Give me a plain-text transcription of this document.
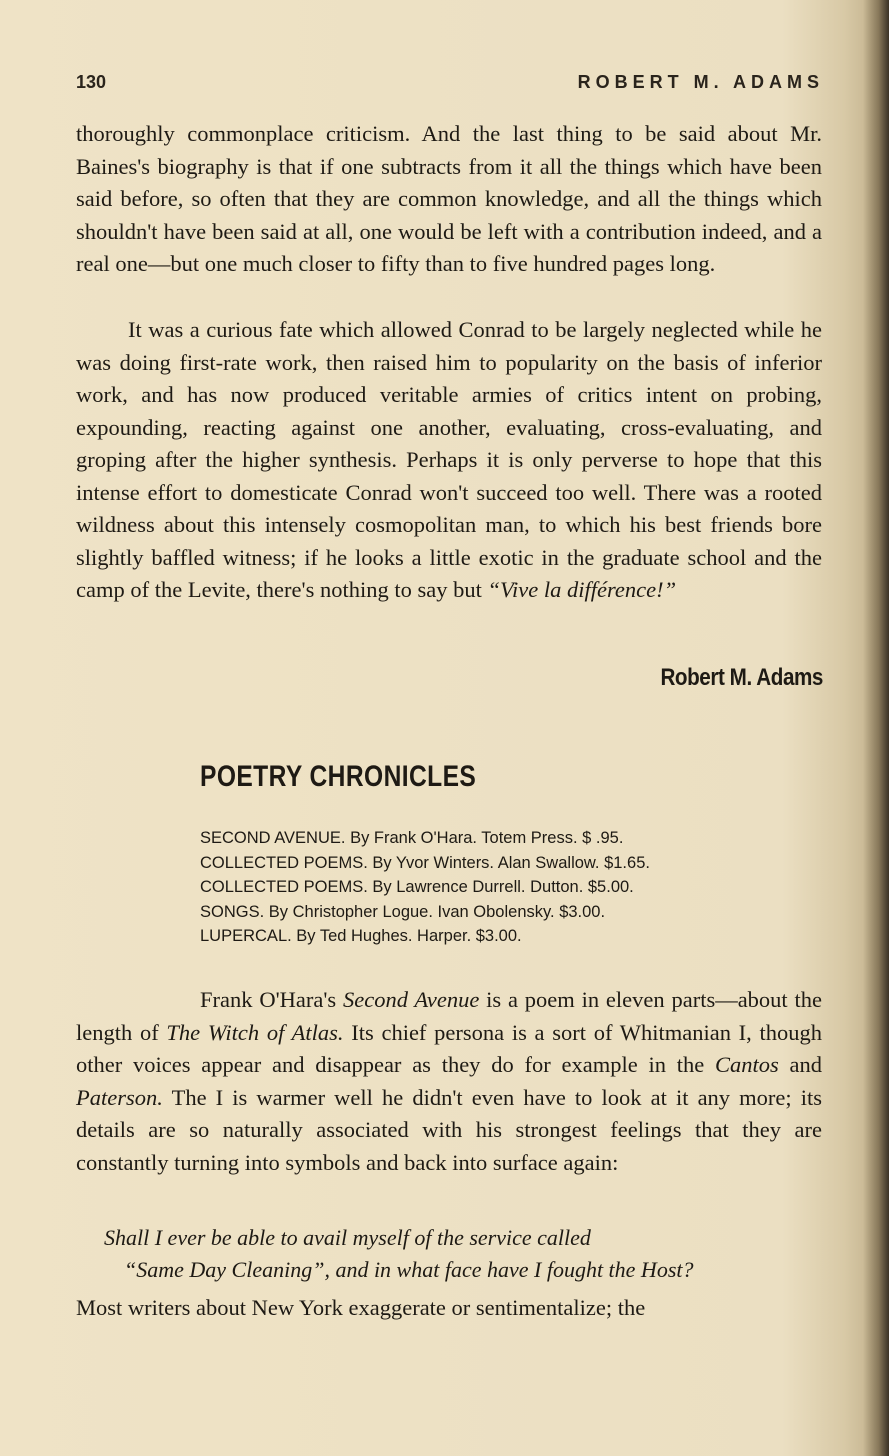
130	ROBERT M. ADAMS

thoroughly commonplace criticism. And the last thing to be said about Mr. Baines's biography is that if one subtracts from it all the things which have been said before, so often that they are common knowledge, and all the things which shouldn't have been said at all, one would be left with a contribution indeed, and a real one—but one much closer to fifty than to five hundred pages long.

It was a curious fate which allowed Conrad to be largely neglected while he was doing first-rate work, then raised him to popularity on the basis of inferior work, and has now produced veritable armies of critics intent on probing, expounding, reacting against one another, evaluating, cross-evaluating, and groping after the higher synthesis. Perhaps it is only perverse to hope that this intense effort to domesticate Conrad won't succeed too well. There was a rooted wildness about this intensely cosmopolitan man, to which his best friends bore slightly baffled witness; if he looks a little exotic in the graduate school and the camp of the Levite, there's nothing to say but “Vive la différence!”

Robert M. Adams
POETRY CHRONICLES
SECOND AVENUE. By Frank O'Hara. Totem Press. $ .95.
COLLECTED POEMS. By Yvor Winters. Alan Swallow. $1.65.
COLLECTED POEMS. By Lawrence Durrell. Dutton. $5.00.
SONGS. By Christopher Logue. Ivan Obolensky. $3.00.
LUPERCAL. By Ted Hughes. Harper. $3.00.

Frank O'Hara's Second Avenue is a poem in eleven parts—about the length of The Witch of Atlas. Its chief persona is a sort of Whitmanian I, though other voices appear and disappear as they do for example in the Cantos and Paterson. The I is warmer well he didn't even have to look at it any more; its details are so naturally associated with his strongest feelings that they are constantly turning into symbols and back into surface again:

Shall I ever be able to avail myself of the service called
“Same Day Cleaning”, and in what face have I fought the Host?

Most writers about New York exaggerate or sentimentalize; the
